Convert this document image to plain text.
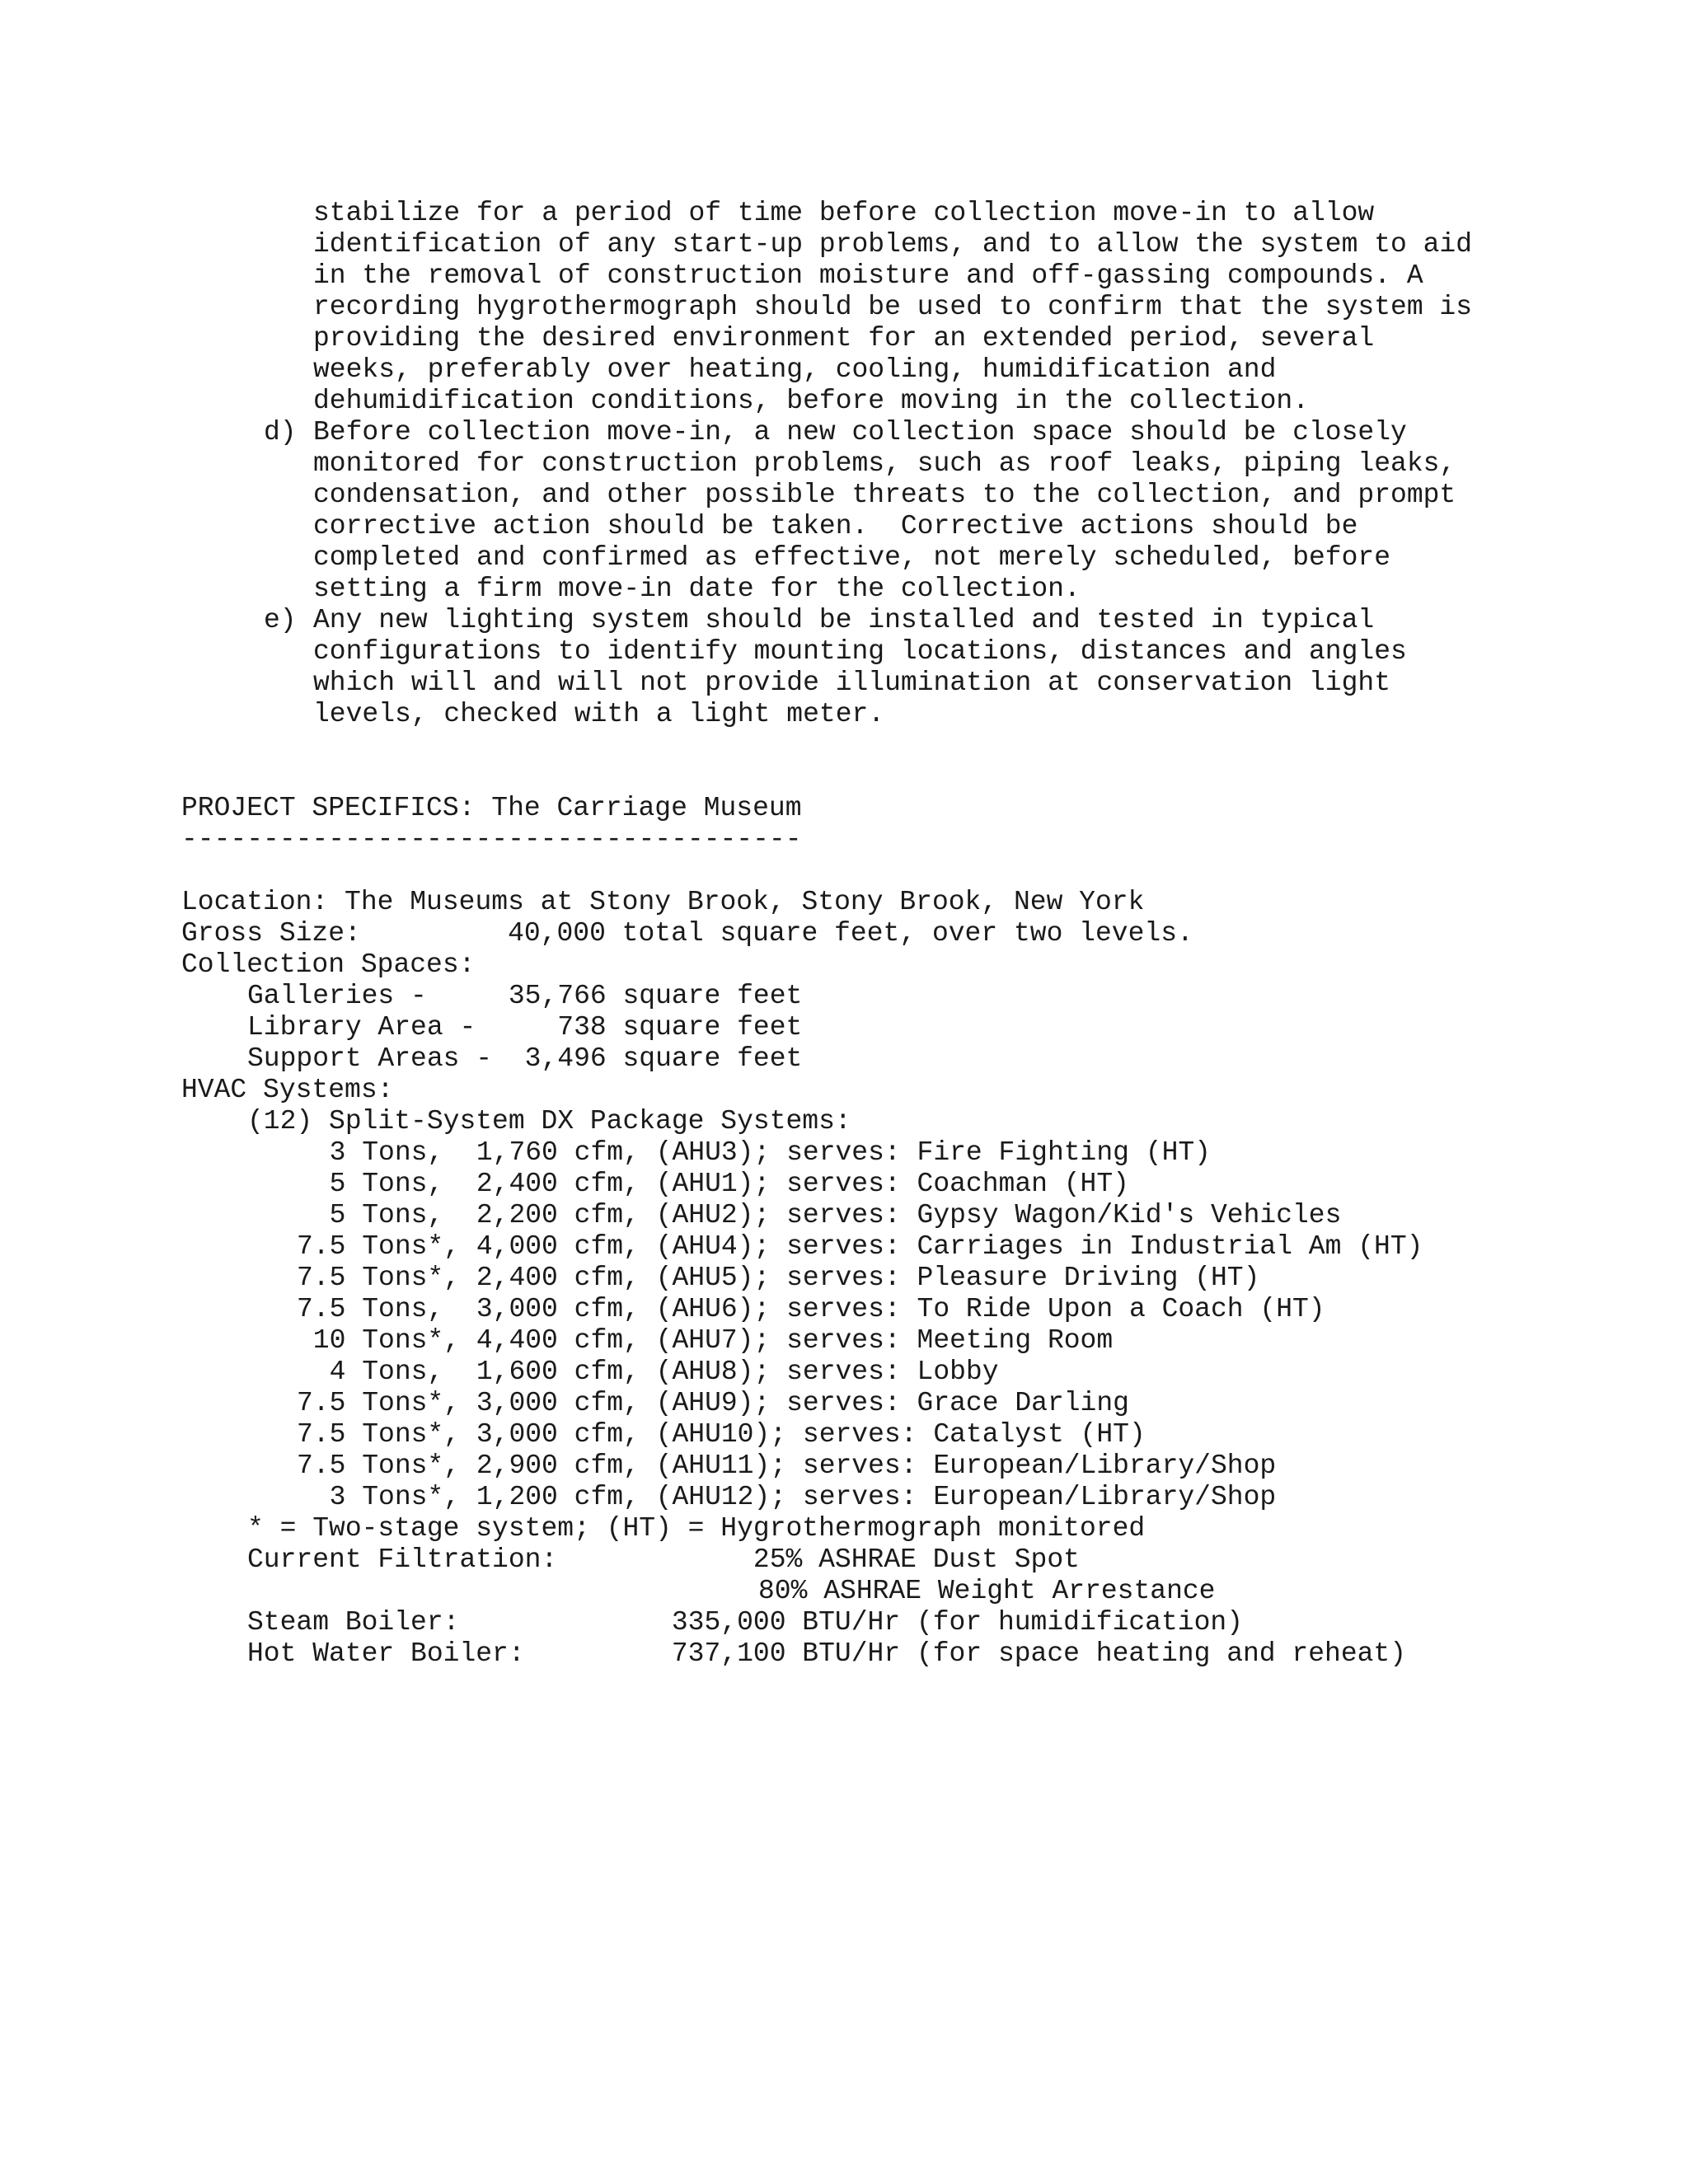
stabilize for a period of time before collection move-in to allow
identification of any start-up problems, and to allow the system to aid
in the removal of construction moisture and off-gassing compounds. A
recording hygrothermograph should be used to confirm that the system is
providing the desired environment for an extended period, several
weeks, preferably over heating, cooling, humidification and
dehumidification conditions, before moving in the collection.
d) Before collection move-in, a new collection space should be closely
monitored for construction problems, such as roof leaks, piping leaks,
condensation, and other possible threats to the collection, and prompt
corrective action should be taken.  Corrective actions should be
completed and confirmed as effective, not merely scheduled, before
setting a firm move-in date for the collection.
e) Any new lighting system should be installed and tested in typical
configurations to identify mounting locations, distances and angles
which will and will not provide illumination at conservation light
levels, checked with a light meter.
PROJECT SPECIFICS: The Carriage Museum
--------------------------------------
Location: The Museums at Stony Brook, Stony Brook, New York
Gross Size:         40,000 total square feet, over two levels.
Collection Spaces:
Galleries -     35,766 square feet
Library Area -     738 square feet
Support Areas -  3,496 square feet
HVAC Systems:
(12) Split-System DX Package Systems:
3 Tons,  1,760 cfm, (AHU3); serves: Fire Fighting (HT)
5 Tons,  2,400 cfm, (AHU1); serves: Coachman (HT)
5 Tons,  2,200 cfm, (AHU2); serves: Gypsy Wagon/Kid's Vehicles
7.5 Tons*, 4,000 cfm, (AHU4); serves: Carriages in Industrial Am (HT)
7.5 Tons*, 2,400 cfm, (AHU5); serves: Pleasure Driving (HT)
7.5 Tons,  3,000 cfm, (AHU6); serves: To Ride Upon a Coach (HT)
10 Tons*, 4,400 cfm, (AHU7); serves: Meeting Room
4 Tons,  1,600 cfm, (AHU8); serves: Lobby
7.5 Tons*, 3,000 cfm, (AHU9); serves: Grace Darling
7.5 Tons*, 3,000 cfm, (AHU10); serves: Catalyst (HT)
7.5 Tons*, 2,900 cfm, (AHU11); serves: European/Library/Shop
3 Tons*, 1,200 cfm, (AHU12); serves: European/Library/Shop
* = Two-stage system; (HT) = Hygrothermograph monitored
Current Filtration:            25% ASHRAE Dust Spot
80% ASHRAE Weight Arrestance
Steam Boiler:             335,000 BTU/Hr (for humidification)
Hot Water Boiler:         737,100 BTU/Hr (for space heating and reheat)
